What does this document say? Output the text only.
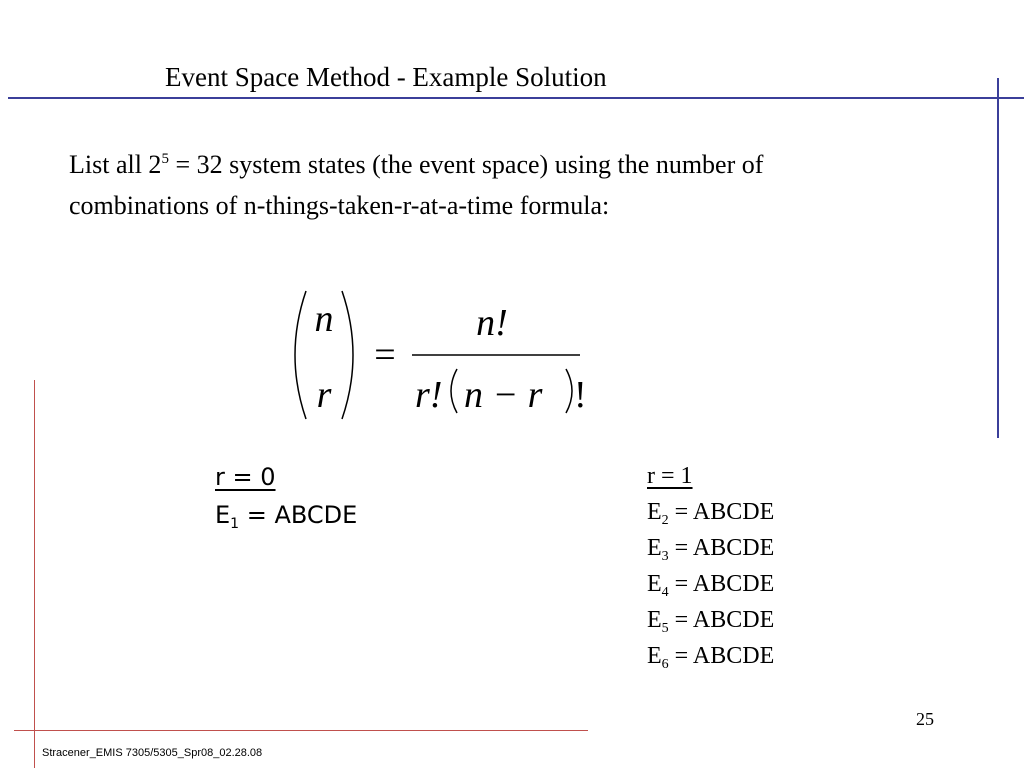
Event Space Method - Example Solution
List all $2^5 = 32$ system states (the event space) using the number of combinations of n-things-taken-r-at-a-time formula:
n
r
=
n!
r! n − r !
r = 0
$E_1$ = ABCDE
r = 1
$E_2$ = ABCDE
$E_3$ = ABCDE
$E_4$ = ABCDE
$E_5$ = ABCDE
$E_6$ = ABCDE
25
Stracener_EMIS 7305/5305_Spr08_02.28.08
